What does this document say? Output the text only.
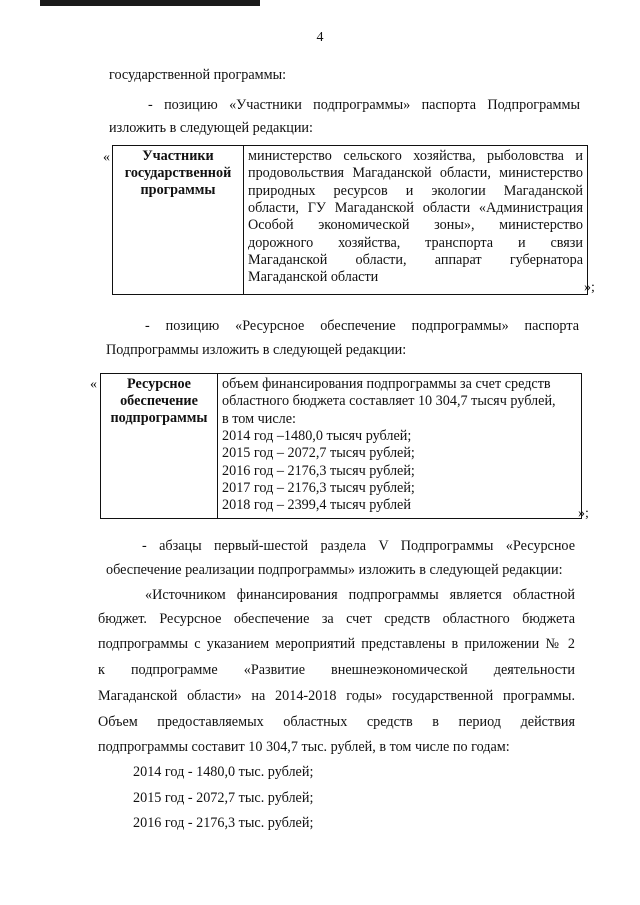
4
государственной программы:
- позицию «Участники подпрограммы» паспорта Подпрограммы
изложить в следующей редакции:
«	Участники
государственной
программы

министерство сельского хозяйства, рыболовства и
продовольствия Магаданской области, министерство
природных ресурсов и экологии Магаданской
области, ГУ Магаданской области «Администрация
Особой экономической зоны», министерство
дорожного хозяйства, транспорта и связи
Магаданской области, аппарат губернатора
Магаданской области
»;
- позицию «Ресурсное обеспечение подпрограммы» паспорта
Подпрограммы изложить в следующей редакции:
«	Ресурсное
обеспечение
подпрограммы

объем финансирования подпрограммы за счет средств
областного бюджета составляет 10 304,7 тысяч рублей,
в том числе:
2014 год –1480,0 тысяч рублей;
2015 год – 2072,7 тысяч рублей;
2016 год – 2176,3 тысяч рублей;
2017 год – 2176,3 тысяч рублей;
2018 год – 2399,4 тысяч рублей
»;
- абзацы первый-шестой раздела V Подпрограммы «Ресурсное
обеспечение реализации подпрограммы» изложить в следующей редакции:
«Источником финансирования подпрограммы является областной
бюджет. Ресурсное обеспечение за счет средств областного бюджета
подпрограммы с указанием мероприятий представлены в приложении № 2
к подпрограмме «Развитие внешнеэкономической деятельности
Магаданской области» на 2014-2018 годы» государственной программы.
Объем предоставляемых областных средств в период действия
подпрограммы составит 10 304,7 тыс. рублей, в том числе по годам:
2014 год - 1480,0 тыс. рублей;
2015 год - 2072,7 тыс. рублей;
2016 год - 2176,3 тыс. рублей;
